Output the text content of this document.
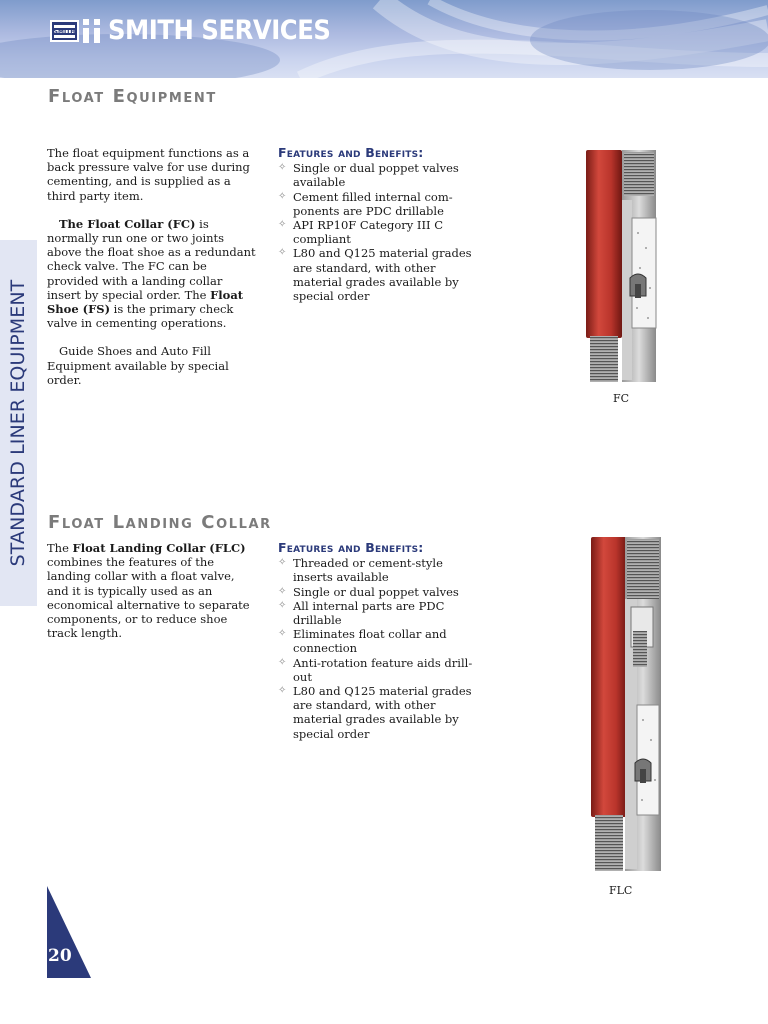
SMITH SMITH SERVICES
STANDARD LINER EQUIPMENT
Float Equipment

The float equipment functions as a back pressure valve for use during cementing, and is supplied as a third party item.

The Float Collar (FC) is normally run one or two joints above the float shoe as a redundant check valve. The FC can be provided with a landing collar insert by special order. The Float Shoe (FS) is the primary check valve in cementing operations.

Guide Shoes and Auto Fill Equipment available by special order.

Features and Benefits:
✧ Single or dual poppet valves available
✧ Cement filled internal com-ponents are PDC drillable
✧ API RP10F Category III C compliant
✧ L80 and Q125 material grades are standard, with other material grades available by special order
FC
Float Landing Collar

The Float Landing Collar (FLC) combines the features of the landing collar with a float valve, and it is typically used as an economical alternative to separate components, or to reduce shoe track length.

Features and Benefits:
✧ Threaded or cement-style inserts available
✧ Single or dual poppet valves
✧ All internal parts are PDC drillable
✧ Eliminates float collar and connection
✧ Anti-rotation feature aids drill-out
✧ L80 and Q125 material grades are standard, with other material grades available by special order
FLC
20
